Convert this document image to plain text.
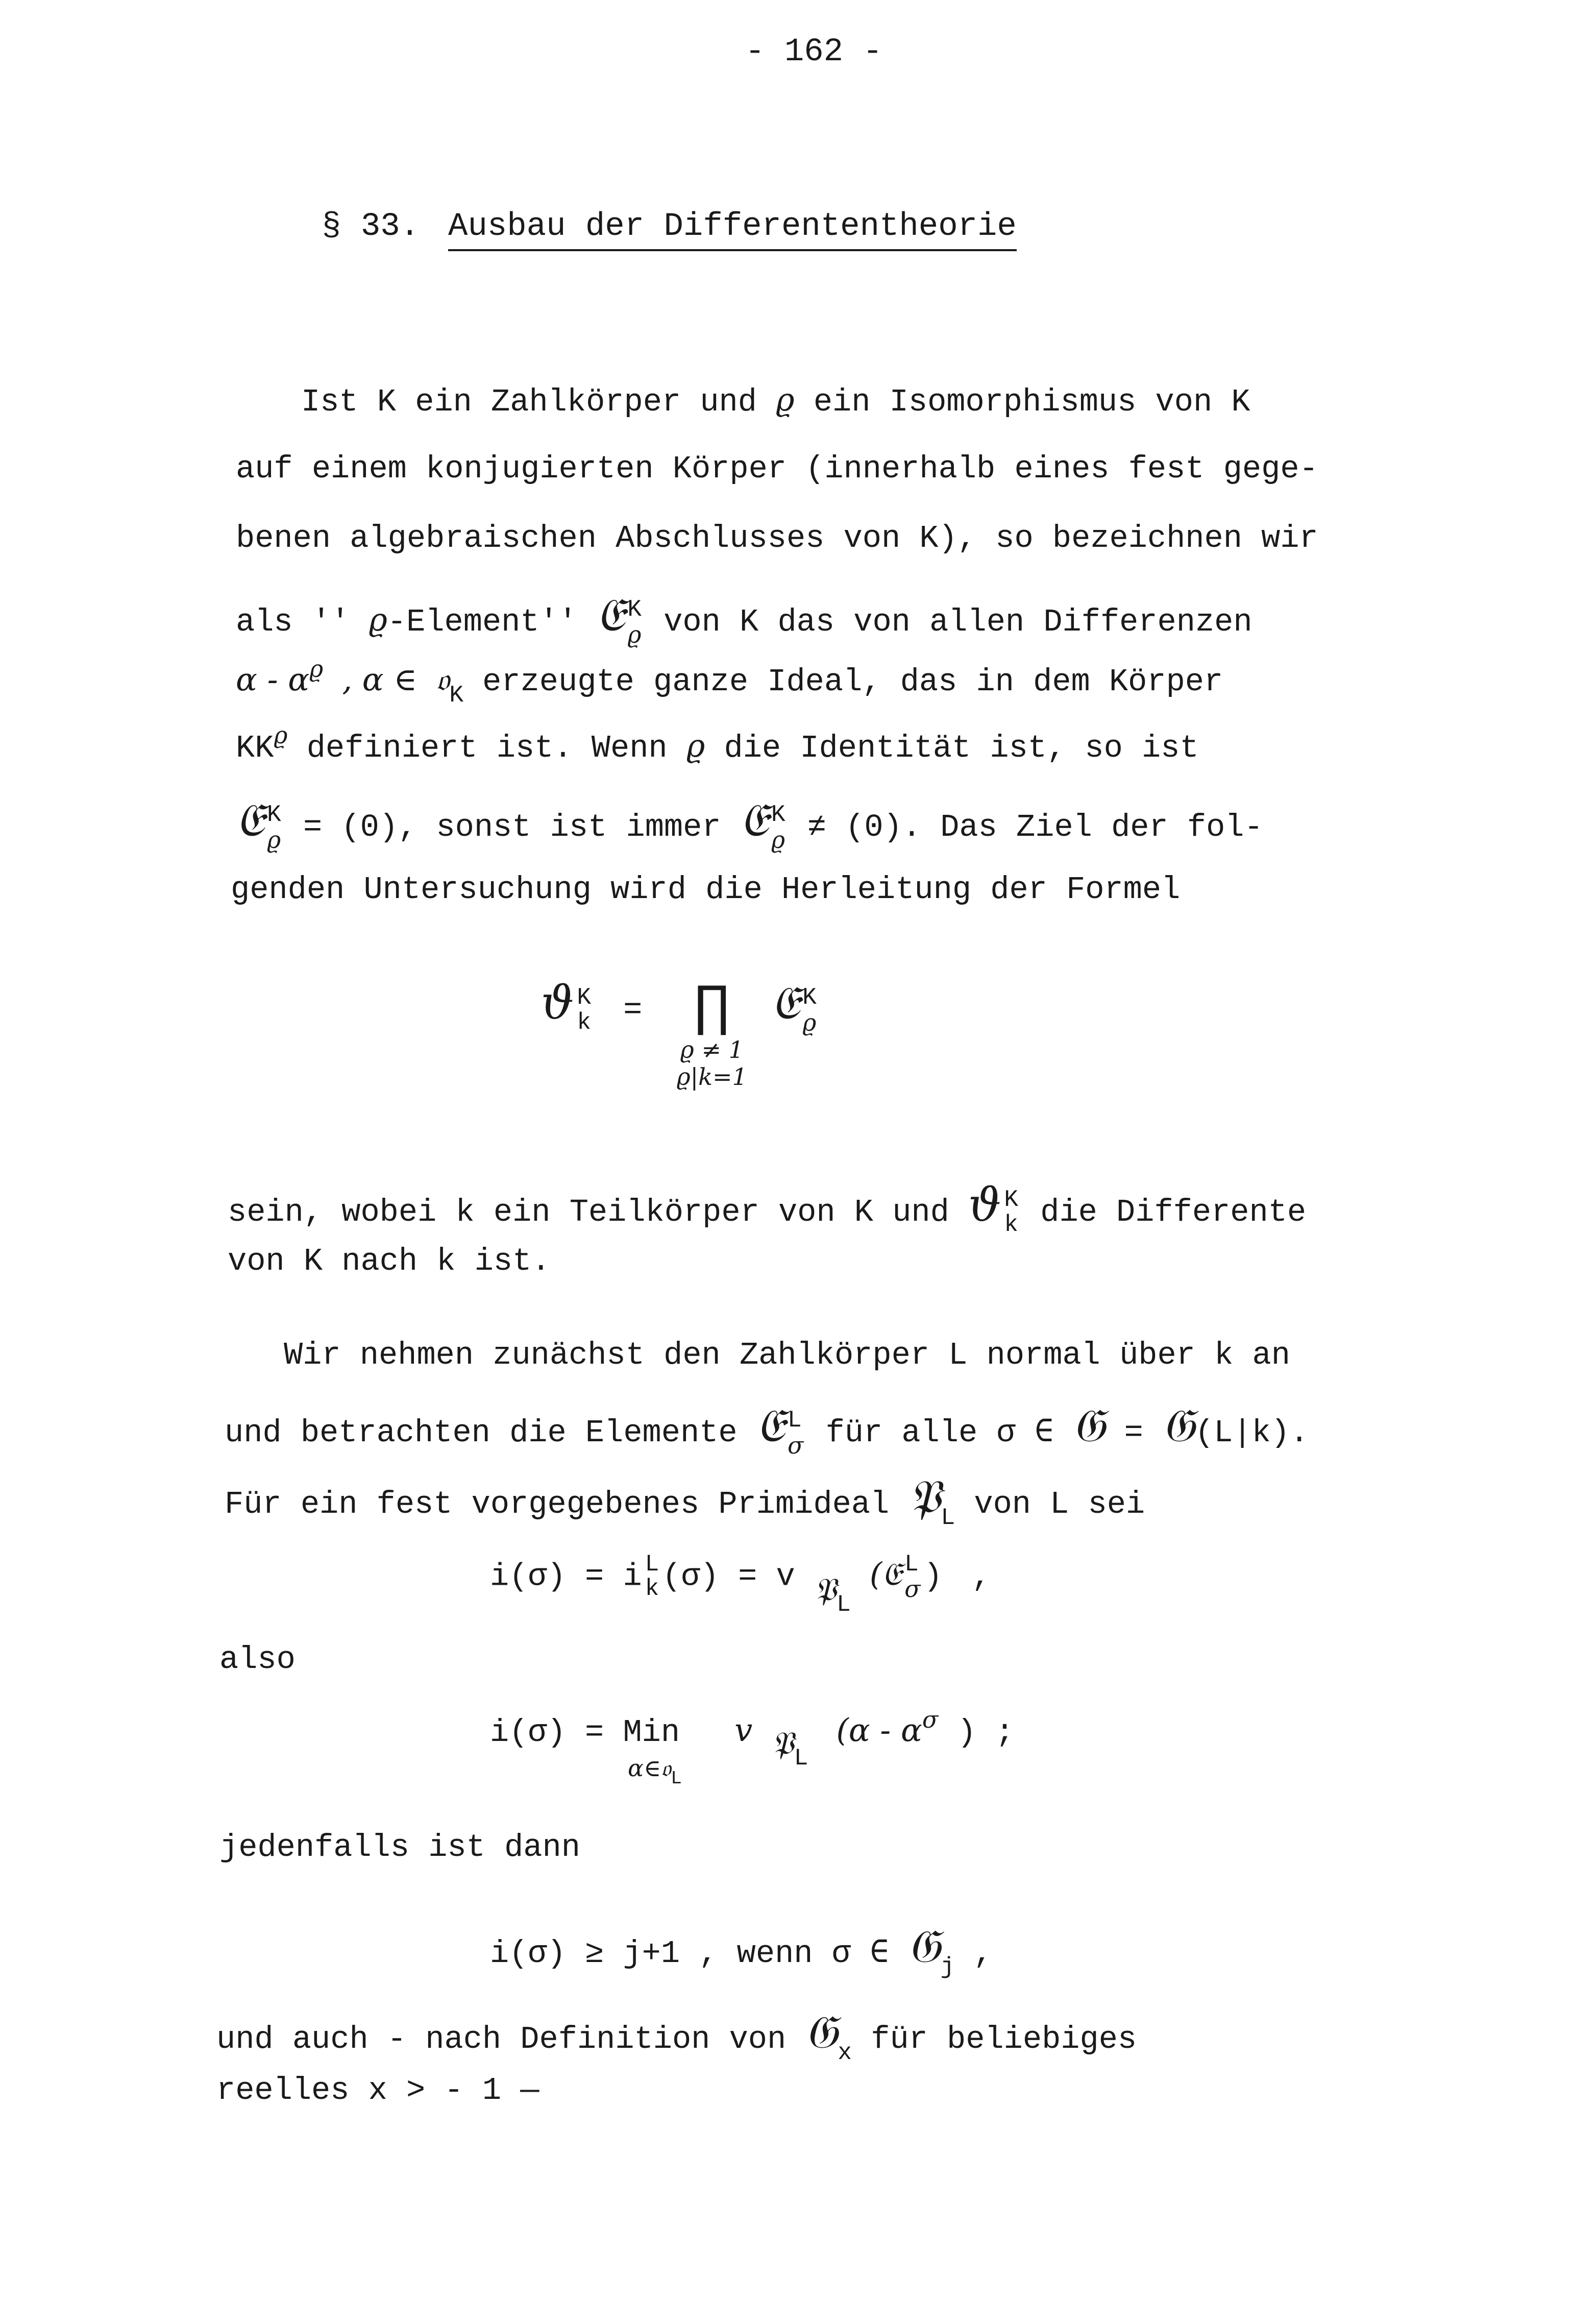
- 162 -
§ 33. Ausbau der Differententheorie
Ist K ein Zahlkörper und ϱ ein Isomorphismus von K
auf einem konjugierten Körper (innerhalb eines fest gege-
benen algebraischen Abschlusses von K), so bezeichnen wir
als '' ϱ-Element'' 𝔈 K
ϱ von K das von allen Differenzen
α - $\alpha^ϱ$ , α ∈ 𝔬$_K$ erzeugte ganze Ideal, das in dem Körper
$KK^ϱ$ definiert ist. Wenn ϱ die Identität ist, so ist
𝔈 K
ϱ = (0), sonst ist immer 𝔈 K
ϱ ≠ (0). Das Ziel der fol-
genden Untersuchung wird die Herleitung der Formel
ϑ K
k = ∏
ϱ ≠ 1
ϱ|k=1
𝔈 K
ϱ
sein, wobei k ein Teilkörper von K und ϑ K
k die Differente
von K nach k ist.
Wir nehmen zunächst den Zahlkörper L normal über k an
und betrachten die Elemente 𝔈 L
σ für alle σ ∈ 𝔊 = 𝔊(L|k).
Für ein fest vorgegebenes Primideal 𝔓$_L$ von L sei
i(σ) = i L
k (σ) = v 𝔓$_L$ (𝔈 L
σ ) ,
also
i(σ) = Min v 𝔓$_L$ ($\alpha - \alpha^\sigma$ ) ;
α∈𝔬$_L$
jedenfalls ist dann
i(σ) ≥ j+1 , wenn σ ∈ 𝔊$_j$ ,
und auch - nach Definition von 𝔊$_x$ für beliebiges
reelles x > - 1 —
